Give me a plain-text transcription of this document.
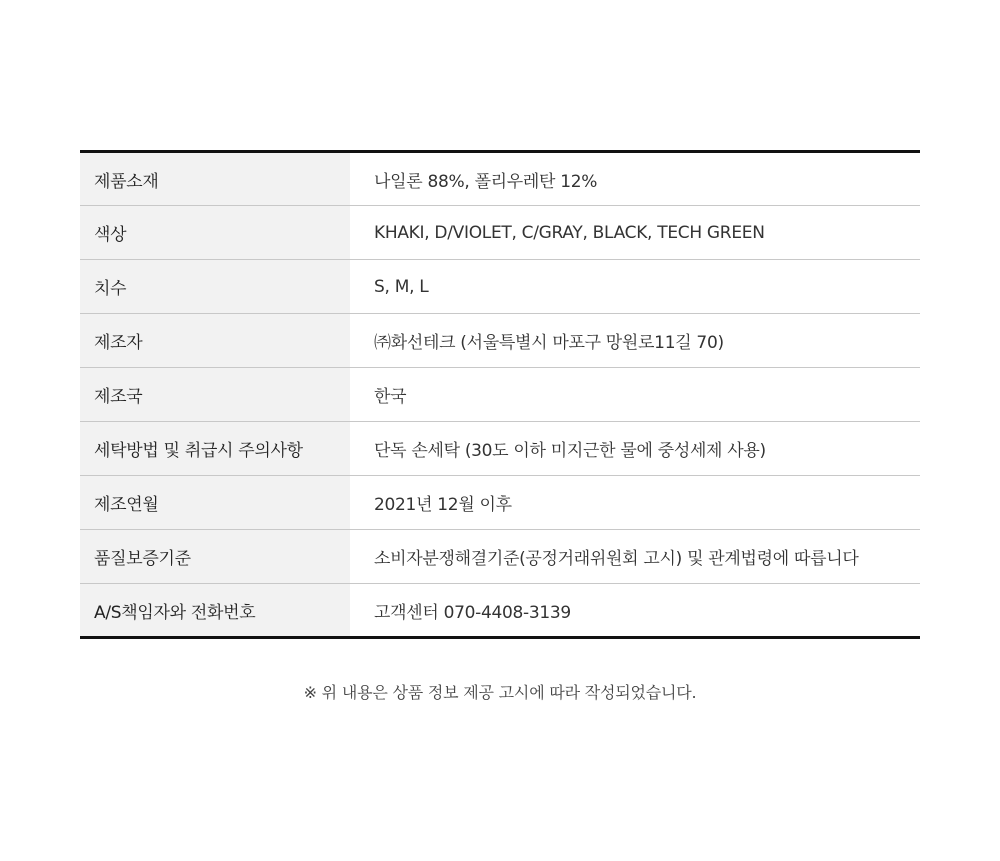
제품소재	나일론 88%, 폴리우레탄 12%
색상	KHAKI, D/VIOLET, C/GRAY, BLACK, TECH GREEN
치수	S, M, L
제조자	㈜화선테크 (서울특별시 마포구 망원로11길 70)
제조국	한국
세탁방법 및 취급시 주의사항	단독 손세탁 (30도 이하 미지근한 물에 중성세제 사용)
제조연월	2021년 12월 이후
품질보증기준	소비자분쟁해결기준(공정거래위원회 고시) 및 관계법령에 따릅니다
A/S책임자와 전화번호	고객센터 070-4408-3139
※ 위 내용은 상품 정보 제공 고시에 따라 작성되었습니다.
